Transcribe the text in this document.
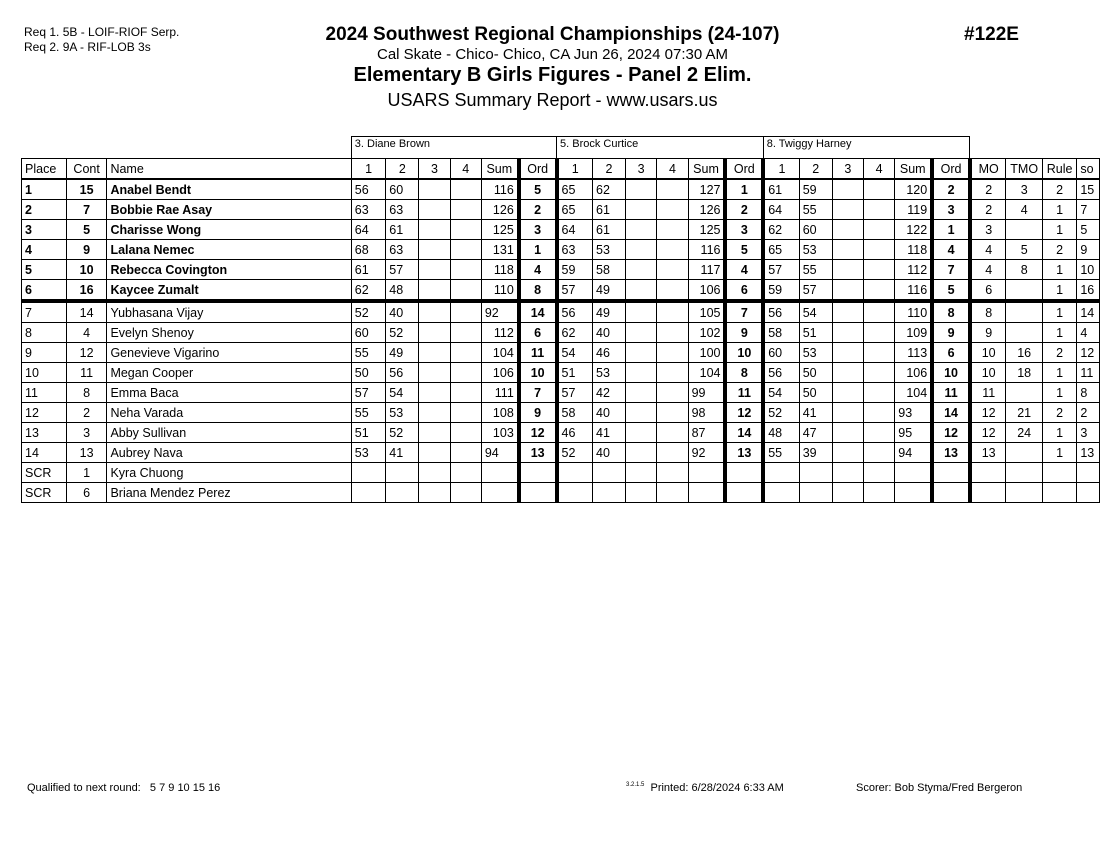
Req 1. 5B - LOIF-RIOF Serp.
Req 2. 9A - RIF-LOB 3s
2024 Southwest Regional Championships (24-107)
Cal Skate - Chico- Chico, CA Jun 26, 2024 07:30 AM
Elementary B Girls Figures - Panel 2 Elim.
USARS Summary Report - www.usars.us
#122E
			3. Diane Brown						5. Brock Curtice						8. Twiggy Harney									
Place	Cont	Name	1	2	3	4	Sum	Ord	1	2	3	4	Sum	Ord	1	2	3	4	Sum	Ord	MO	TMO	Rule	so
1	15	Anabel Bendt	56	60			116	5	65	62			127	1	61	59			120	2	2	3	2	15
2	7	Bobbie Rae Asay	63	63			126	2	65	61			126	2	64	55			119	3	2	4	1	7
3	5	Charisse Wong	64	61			125	3	64	61			125	3	62	60			122	1	3		1	5
4	9	Lalana Nemec	68	63			131	1	63	53			116	5	65	53			118	4	4	5	2	9
5	10	Rebecca Covington	61	57			118	4	59	58			117	4	57	55			112	7	4	8	1	10
6	16	Kaycee Zumalt	62	48			110	8	57	49			106	6	59	57			116	5	6		1	16
7	14	Yubhasana Vijay	52	40			92	14	56	49			105	7	56	54			110	8	8		1	14
8	4	Evelyn Shenoy	60	52			112	6	62	40			102	9	58	51			109	9	9		1	4
9	12	Genevieve Vigarino	55	49			104	11	54	46			100	10	60	53			113	6	10	16	2	12
10	11	Megan Cooper	50	56			106	10	51	53			104	8	56	50			106	10	10	18	1	11
11	8	Emma Baca	57	54			111	7	57	42			99	11	54	50			104	11	11		1	8
12	2	Neha Varada	55	53			108	9	58	40			98	12	52	41			93	14	12	21	2	2
13	3	Abby Sullivan	51	52			103	12	46	41			87	14	48	47			95	12	12	24	1	3
14	13	Aubrey Nava	53	41			94	13	52	40			92	13	55	39			94	13	13		1	13
SCR	1	Kyra Chuong																						
SCR	6	Briana Mendez Perez																						
Qualified to next round: 5 7 9 10 15 16	$^{3.2.1.5}$ Printed: 6/28/2024 6:33 AM	Scorer: Bob Styma/Fred Bergeron
